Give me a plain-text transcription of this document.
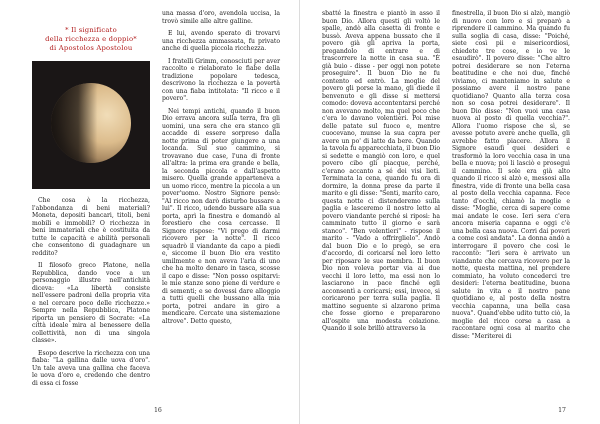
* Il significato
della ricchezza e doppio*
di Apostolos Apostolou

Che cosa è la ricchezza, l'abbondanza di beni materiali? Moneta, depositi bancari, titoli, beni mobili e immobili? O ricchezza in beni immateriali che è costituita da tutte le capacità e abilità personali che consentono di guadagnare un reddito?

Il filosofo greco Platone, nella Repubblica, dando voce a un personaggio illustre nell'antichità diceva: «La libertà consiste nell'essere padroni della propria vita e nel cercare poco delle ricchezze.» Sempre nella Repubblica, Platone riporta un pensiero di Socrate: «La città ideale mira al benessere della collettività, non di una singola classe».

Esopo descrive la ricchezza con una fiaba: "La gallina dalle uova d'oro". Un tale aveva una gallina che faceva le uova d'oro e, credendo che dentro di essa ci fosse

una massa d'oro, avendola uccisa, la trovò simile alle altre galline.

E lui, avendo sperato di trovarvi una ricchezza ammassata, fu privato anche di quella piccola ricchezza.

I fratelli Grimm, conosciuti per aver raccolto e rielaborato le fiabe della tradizione popolare tedesca, descrivono la ricchezza e la povertà con una fiaba intitolata: "Il ricco e il povero".

Nei tempi antichi, quando il buon Dio errava ancora sulla terra, fra gli uomini, una sera che era stanco gli accadde di essere sorpreso dalla notte prima di poter giungere a una locanda. Sul suo cammino, si trovavano due case, l'una di fronte all'altra: la prima era grande e bella, la seconda piccola e dall'aspetto misero. Quella grande apparteneva a un uomo ricco, mentre la piccola a un pover'uomo. Nostro Signore pensò: "Al ricco non darò disturbo bussare a lui". Il ricco, udendo bussare alla sua porta, aprì la finestra e domandò al forestiero che cosa cercasse. Il Signore rispose: "Vi prego di darmi ricovero per la notte". Il ricco squadrò il viandante da capo a piedi e, siccome il buon Dio era vestito umilmente e non aveva l'aria di uno che ha molto denaro in tasca, scosse il capo e disse: "Non posso ospitarvi: le mie stanze sono piene di verdure e di sementi; e se dovessi dare alloggio a tutti quelli che bussano alla mia porta, potrei andare in giro a mendicare. Cercate una sistemazione altrove". Detto questo,

16

sbatté la finestra e piantò in asso il buon Dio. Allora questi gli voltò le spalle, andò alla casetta di fronte e bussò. Aveva appena bussato che il povero già gli apriva la porta, pregandolo di entrare e di trascorrere la notte in casa sua. "È già buio - disse - per oggi non potete proseguire". Il buon Dio ne fu contento ed entrò. La moglie del povero gli porse la mano, gli diede il benvenuto e gli disse si mettersi comodo: doveva accontentarsi perché non avevano molto, ma quel poco che c'era lo davano volentieri. Poi mise delle patate sul fuoco e, mentre cuocevano, munse la sua capra per avere un po' di latte da bere. Quando la tavola fu apparecchiata, il buon Dio si sedette e mangiò con loro, e quel povero cibo gli piacque, perché, c'erano accanto a sé dei visi lieti. Terminata la cena, quando fu ora di dormire, la donna prese da parte il marito e gli disse: "Senti, marito caro, questa notte ci distenderemo sulla paglia e lasceremo il nostro letto al povero viandante perché si riposi: ha camminato tutto il giorno e sarà stanco". "Ben volentieri" - rispose il marito - "Vado a offrirglielo". Andò dal buon Dio e lo pregò, se era d'accordo, di coricarsi nel loro letto per riposare le sue membra. Il buon Dio non voleva portar via ai due vecchi il loro letto, ma essi non lo lasciarono in pace finché egli acconsentì a coricarsi; essi, invece, si coricarono per terra sulla paglia. Il mattino seguente si alzarono prima che fosse giorno e prepararono all'ospite una modesta colazione. Quando il sole brillò attraverso la

finestrella, il buon Dio si alzò, mangiò di nuovo con loro e si preparò a riprendere il cammino. Ma quando fu sulla soglia di casa, disse: "Poiché, siete così pii e misericordiosi, chiedete tre cose, e io ve le esaudirò". Il povero disse: "Che altro potrei desiderare se non l'eterna beatitudine e che noi due, finché viviamo, ci manteniamo in salute e possiamo avere il nostro pane quotidiano? Quanto alla terza cosa non so cosa potrei desiderare". Il buon Dio disse: "Non vuoi una casa nuova al posto di quella vecchia?". Allora l'uomo rispose che sì, se avesse potuto avere anche quella, gli avrebbe fatto piacere. Allora il Signore esaudì quei desideri e trasformò la loro vecchia casa in una bella e nuova; poi li lasciò e proseguì il cammino. Il sole era già alto quando il ricco si alzò e, messosi alla finestra, vide di fronte una bella casa al posto della vecchia capanna. Fece tanto d'occhi, chiamò la moglie e disse: "Moglie, cerca di sapere come mai andate le cose. Ieri sera c'era ancora miseria capanna e oggi c'è una bella casa nuova. Corri dai poveri a come così andata". La donna andò a interrogare il povero che così le raccontò: "Ieri sera è arrivato un viandante che cercava ricovero per la notte, questa mattina, nel prendere commiato, ha voluto concederci tre desideri: l'eterna beatitudine, buona salute in vita e il nostro pane quotidiano e, al posto della nostra vecchia capanna, una bella casa nuova". Quand'ebbe udito tutto ciò, la moglie del ricco corse a casa a raccontare ogni cosa al marito che disse: "Meriterei di

17
